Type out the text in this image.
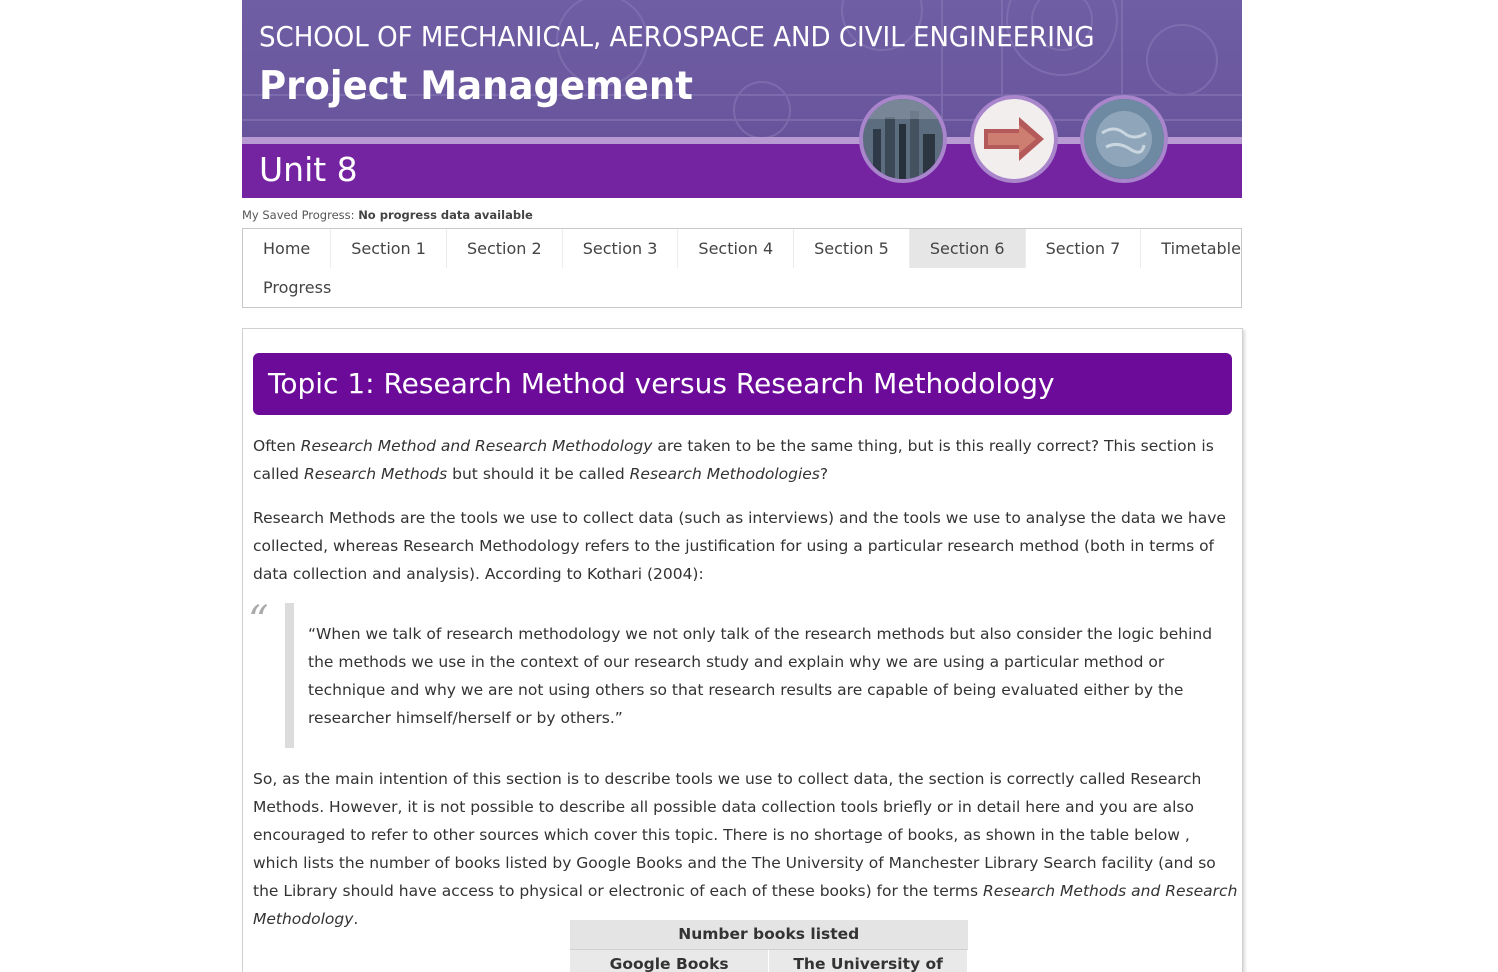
SCHOOL OF MECHANICAL, AEROSPACE AND CIVIL ENGINEERING
Project Management
Unit 8
My Saved Progress: No progress data available
Home	Section 1	Section 2	Section 3	Section 4	Section 5	Section 6	Section 7	Timetable
Progress
Topic 1: Research Method versus Research Methodology

Often Research Method and Research Methodology are taken to be the same thing, but is this really correct? This section is called Research Methods but should it be called Research Methodologies?

Research Methods are the tools we use to collect data (such as interviews) and the tools we use to analyse the data we have collected, whereas Research Methodology refers to the justification for using a particular research method (both in terms of data collection and analysis). According to Kothari (2004):

“	“When we talk of research methodology we not only talk of the research methods but also consider the logic behind the methods we use in the context of our research study and explain why we are using a particular method or technique and why we are not using others so that research results are capable of being evaluated either by the researcher himself/herself or by others.”

So, as the main intention of this section is to describe tools we use to collect data, the section is correctly called Research Methods. However, it is not possible to describe all possible data collection tools briefly or in detail here and you are also encouraged to refer to other sources which cover this topic. There is no shortage of books, as shown in the table below , which lists the number of books listed by Google Books and the The University of Manchester Library Search facility (and so the Library should have access to physical or electronic of each of these books) for the terms Research Methods and Research Methodology.

Number books listed
Google Books	The University of
